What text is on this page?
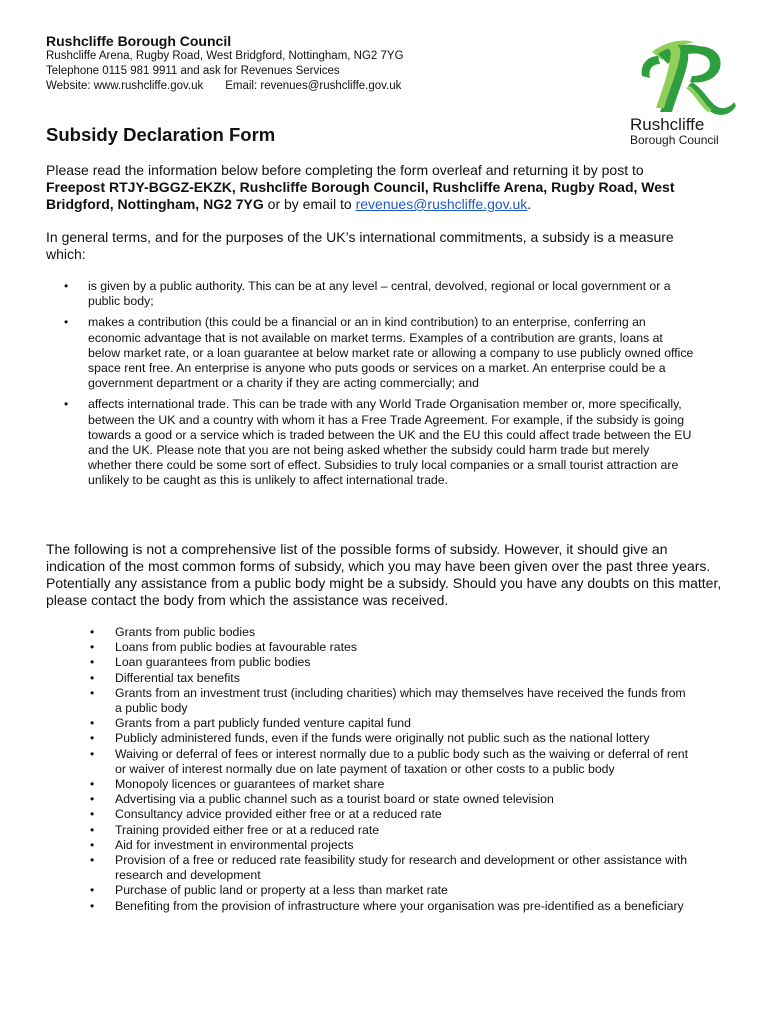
Rushcliffe Borough Council

Rushcliffe Arena, Rugby Road, West Bridgford, Nottingham, NG2 7YG

Telephone 0115 981 9911 and ask for Revenues Services

Website: www.rushcliffe.gov.uk Email: revenues@rushcliffe.gov.uk

Rushcliffe
Borough Council
Subsidy Declaration Form

Please read the information below before completing the form overleaf and returning it by post to Freepost RTJY-BGGZ-EKZK, Rushcliffe Borough Council, Rushcliffe Arena, Rugby Road, West Bridgford, Nottingham, NG2 7YG or by email to revenues@rushcliffe.gov.uk.

In general terms, and for the purposes of the UK’s international commitments, a subsidy is a measure which:

• is given by a public authority. This can be at any level – central, devolved, regional or local government or a public body;
• makes a contribution (this could be a financial or an in kind contribution) to an enterprise, conferring an economic advantage that is not available on market terms. Examples of a contribution are grants, loans at below market rate, or a loan guarantee at below market rate or allowing a company to use publicly owned office space rent free. An enterprise is anyone who puts goods or services on a market. An enterprise could be a government department or a charity if they are acting commercially; and
• affects international trade. This can be trade with any World Trade Organisation member or, more specifically, between the UK and a country with whom it has a Free Trade Agreement. For example, if the subsidy is going towards a good or a service which is traded between the UK and the EU this could affect trade between the EU and the UK. Please note that you are not being asked whether the subsidy could harm trade but merely whether there could be some sort of effect. Subsidies to truly local companies or a small tourist attraction are unlikely to be caught as this is unlikely to affect international trade.

The following is not a comprehensive list of the possible forms of subsidy. However, it should give an indication of the most common forms of subsidy, which you may have been given over the past three years. Potentially any assistance from a public body might be a subsidy. Should you have any doubts on this matter, please contact the body from which the assistance was received.

• Grants from public bodies
• Loans from public bodies at favourable rates
• Loan guarantees from public bodies
• Differential tax benefits
• Grants from an investment trust (including charities) which may themselves have received the funds from a public body
• Grants from a part publicly funded venture capital fund
• Publicly administered funds, even if the funds were originally not public such as the national lottery
• Waiving or deferral of fees or interest normally due to a public body such as the waiving or deferral of rent or waiver of interest normally due on late payment of taxation or other costs to a public body
• Monopoly licences or guarantees of market share
• Advertising via a public channel such as a tourist board or state owned television
• Consultancy advice provided either free or at a reduced rate
• Training provided either free or at a reduced rate
• Aid for investment in environmental projects
• Provision of a free or reduced rate feasibility study for research and development or other assistance with research and development
• Purchase of public land or property at a less than market rate
• Benefiting from the provision of infrastructure where your organisation was pre-identified as a beneficiary
